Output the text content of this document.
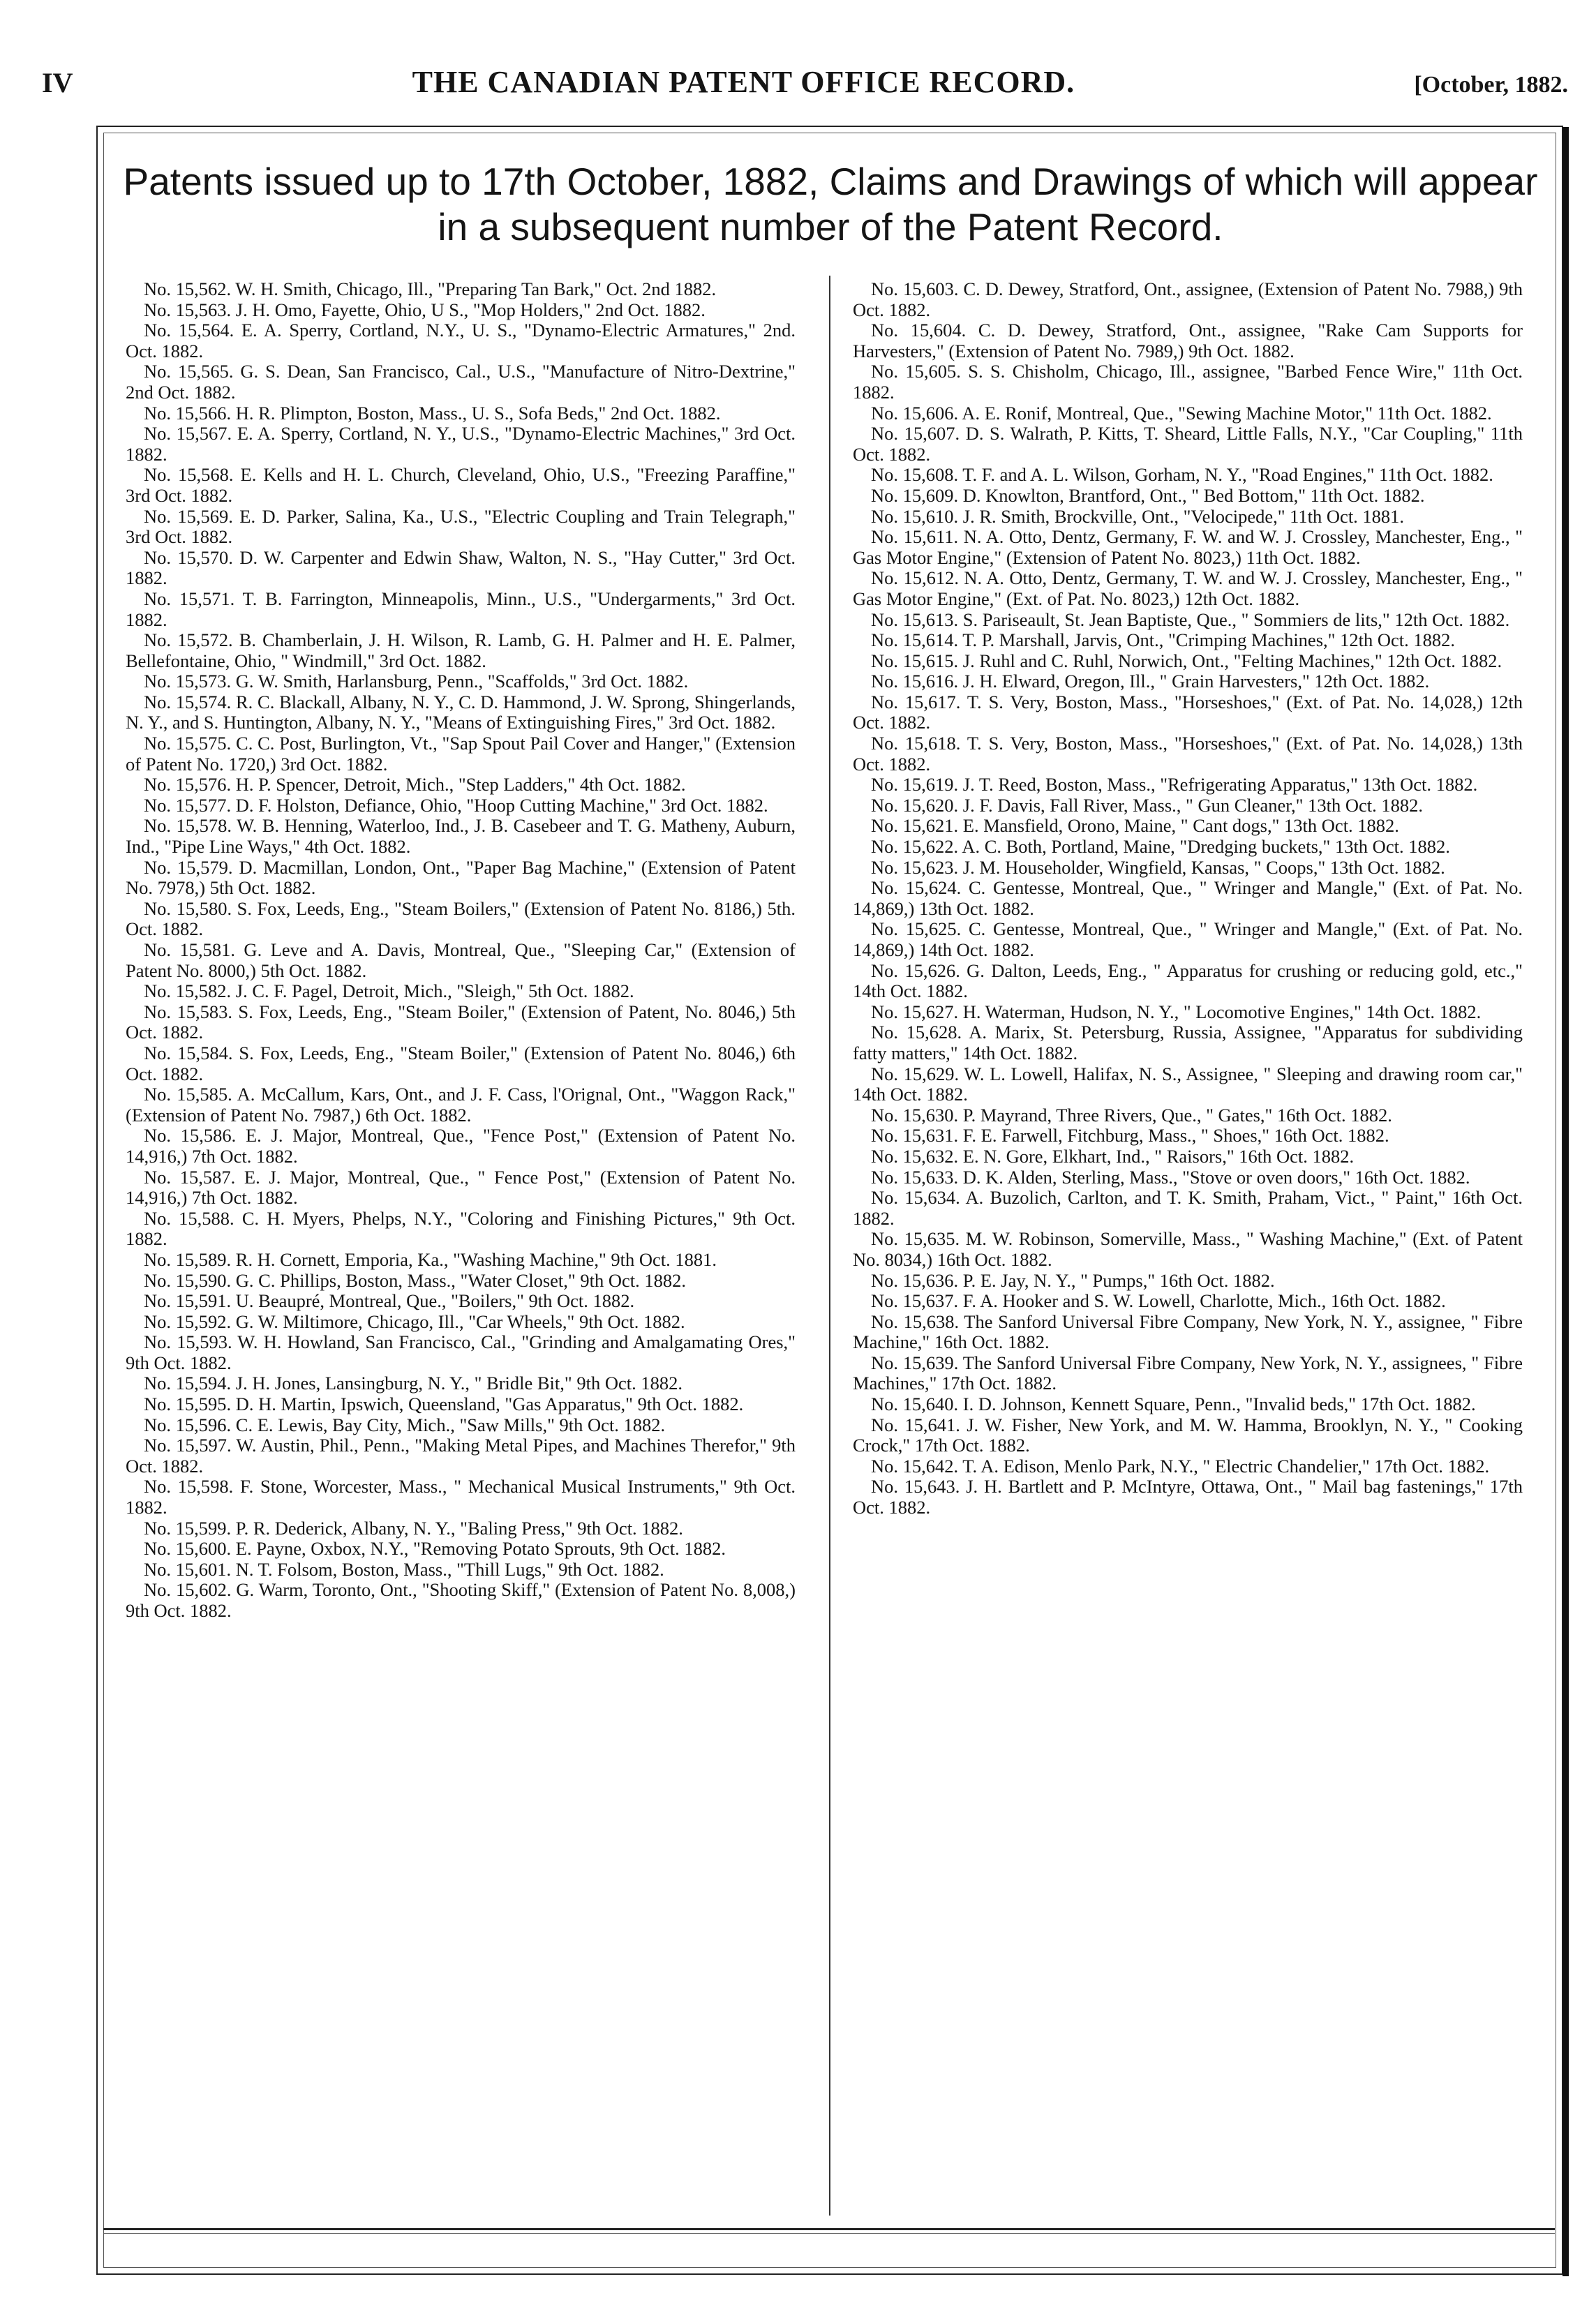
IV	THE CANADIAN PATENT OFFICE RECORD.	[October, 1882.
Patents issued up to 17th October, 1882, Claims and Drawings of which will appear in a subsequent number of the Patent Record.
No. 15,562. W. H. Smith, Chicago, Ill., "Preparing Tan Bark," Oct. 2nd 1882.
No. 15,563. J. H. Omo, Fayette, Ohio, U S., "Mop Holders," 2nd Oct. 1882.
No. 15,564. E. A. Sperry, Cortland, N.Y., U. S., "Dynamo-Electric Armatures," 2nd. Oct. 1882.
No. 15,565. G. S. Dean, San Francisco, Cal., U.S., "Manufacture of Nitro-Dextrine," 2nd Oct. 1882.
No. 15,566. H. R. Plimpton, Boston, Mass., U. S., Sofa Beds," 2nd Oct. 1882.
No. 15,567. E. A. Sperry, Cortland, N. Y., U.S., "Dynamo-Electric Machines," 3rd Oct. 1882.
No. 15,568. E. Kells and H. L. Church, Cleveland, Ohio, U.S., "Freezing Paraffine," 3rd Oct. 1882.
No. 15,569. E. D. Parker, Salina, Ka., U.S., "Electric Coupling and Train Telegraph," 3rd Oct. 1882.
No. 15,570. D. W. Carpenter and Edwin Shaw, Walton, N. S., "Hay Cutter," 3rd Oct. 1882.
No. 15,571. T. B. Farrington, Minneapolis, Minn., U.S., "Undergarments," 3rd Oct. 1882.
No. 15,572. B. Chamberlain, J. H. Wilson, R. Lamb, G. H. Palmer and H. E. Palmer, Bellefontaine, Ohio, " Windmill," 3rd Oct. 1882.
No. 15,573. G. W. Smith, Harlansburg, Penn., "Scaffolds," 3rd Oct. 1882.
No. 15,574. R. C. Blackall, Albany, N. Y., C. D. Hammond, J. W. Sprong, Shingerlands, N. Y., and S. Huntington, Albany, N. Y., "Means of Extinguishing Fires," 3rd Oct. 1882.
No. 15,575. C. C. Post, Burlington, Vt., "Sap Spout Pail Cover and Hanger," (Extension of Patent No. 1720,) 3rd Oct. 1882.
No. 15,576. H. P. Spencer, Detroit, Mich., "Step Ladders," 4th Oct. 1882.
No. 15,577. D. F. Holston, Defiance, Ohio, "Hoop Cutting Machine," 3rd Oct. 1882.
No. 15,578. W. B. Henning, Waterloo, Ind., J. B. Casebeer and T. G. Matheny, Auburn, Ind., "Pipe Line Ways," 4th Oct. 1882.
No. 15,579. D. Macmillan, London, Ont., "Paper Bag Machine," (Extension of Patent No. 7978,) 5th Oct. 1882.
No. 15,580. S. Fox, Leeds, Eng., "Steam Boilers," (Extension of Patent No. 8186,) 5th. Oct. 1882.
No. 15,581. G. Leve and A. Davis, Montreal, Que., "Sleeping Car," (Extension of Patent No. 8000,) 5th Oct. 1882.
No. 15,582. J. C. F. Pagel, Detroit, Mich., "Sleigh," 5th Oct. 1882.
No. 15,583. S. Fox, Leeds, Eng., "Steam Boiler," (Extension of Patent, No. 8046,) 5th Oct. 1882.
No. 15,584. S. Fox, Leeds, Eng., "Steam Boiler," (Extension of Patent No. 8046,) 6th Oct. 1882.
No. 15,585. A. McCallum, Kars, Ont., and J. F. Cass, l'Orignal, Ont., "Waggon Rack," (Extension of Patent No. 7987,) 6th Oct. 1882.
No. 15,586. E. J. Major, Montreal, Que., "Fence Post," (Extension of Patent No. 14,916,) 7th Oct. 1882.
No. 15,587. E. J. Major, Montreal, Que., " Fence Post," (Extension of Patent No. 14,916,) 7th Oct. 1882.
No. 15,588. C. H. Myers, Phelps, N.Y., "Coloring and Finishing Pictures," 9th Oct. 1882.
No. 15,589. R. H. Cornett, Emporia, Ka., "Washing Machine," 9th Oct. 1881.
No. 15,590. G. C. Phillips, Boston, Mass., "Water Closet," 9th Oct. 1882.
No. 15,591. U. Beaupré, Montreal, Que., "Boilers," 9th Oct. 1882.
No. 15,592. G. W. Miltimore, Chicago, Ill., "Car Wheels," 9th Oct. 1882.
No. 15,593. W. H. Howland, San Francisco, Cal., "Grinding and Amalgamating Ores," 9th Oct. 1882.
No. 15,594. J. H. Jones, Lansingburg, N. Y., " Bridle Bit," 9th Oct. 1882.
No. 15,595. D. H. Martin, Ipswich, Queensland, "Gas Apparatus," 9th Oct. 1882.
No. 15,596. C. E. Lewis, Bay City, Mich., "Saw Mills," 9th Oct. 1882.
No. 15,597. W. Austin, Phil., Penn., "Making Metal Pipes, and Machines Therefor," 9th Oct. 1882.
No. 15,598. F. Stone, Worcester, Mass., " Mechanical Musical Instruments," 9th Oct. 1882.
No. 15,599. P. R. Dederick, Albany, N. Y., "Baling Press," 9th Oct. 1882.
No. 15,600. E. Payne, Oxbox, N.Y., "Removing Potato Sprouts, 9th Oct. 1882.
No. 15,601. N. T. Folsom, Boston, Mass., "Thill Lugs," 9th Oct. 1882.
No. 15,602. G. Warm, Toronto, Ont., "Shooting Skiff," (Extension of Patent No. 8,008,) 9th Oct. 1882.
No. 15,603. C. D. Dewey, Stratford, Ont., assignee, (Extension of Patent No. 7988,) 9th Oct. 1882.
No. 15,604. C. D. Dewey, Stratford, Ont., assignee, "Rake Cam Supports for Harvesters," (Extension of Patent No. 7989,) 9th Oct. 1882.
No. 15,605. S. S. Chisholm, Chicago, Ill., assignee, "Barbed Fence Wire," 11th Oct. 1882.
No. 15,606. A. E. Ronif, Montreal, Que., "Sewing Machine Motor," 11th Oct. 1882.
No. 15,607. D. S. Walrath, P. Kitts, T. Sheard, Little Falls, N.Y., "Car Coupling," 11th Oct. 1882.
No. 15,608. T. F. and A. L. Wilson, Gorham, N. Y., "Road Engines," 11th Oct. 1882.
No. 15,609. D. Knowlton, Brantford, Ont., " Bed Bottom," 11th Oct. 1882.
No. 15,610. J. R. Smith, Brockville, Ont., "Velocipede," 11th Oct. 1881.
No. 15,611. N. A. Otto, Dentz, Germany, F. W. and W. J. Crossley, Manchester, Eng., " Gas Motor Engine," (Extension of Patent No. 8023,) 11th Oct. 1882.
No. 15,612. N. A. Otto, Dentz, Germany, T. W. and W. J. Crossley, Manchester, Eng., " Gas Motor Engine," (Ext. of Pat. No. 8023,) 12th Oct. 1882.
No. 15,613. S. Pariseault, St. Jean Baptiste, Que., " Sommiers de lits," 12th Oct. 1882.
No. 15,614. T. P. Marshall, Jarvis, Ont., "Crimping Machines," 12th Oct. 1882.
No. 15,615. J. Ruhl and C. Ruhl, Norwich, Ont., "Felting Machines," 12th Oct. 1882.
No. 15,616. J. H. Elward, Oregon, Ill., " Grain Harvesters," 12th Oct. 1882.
No. 15,617. T. S. Very, Boston, Mass., "Horseshoes," (Ext. of Pat. No. 14,028,) 12th Oct. 1882.
No. 15,618. T. S. Very, Boston, Mass., "Horseshoes," (Ext. of Pat. No. 14,028,) 13th Oct. 1882.
No. 15,619. J. T. Reed, Boston, Mass., "Refrigerating Apparatus," 13th Oct. 1882.
No. 15,620. J. F. Davis, Fall River, Mass., " Gun Cleaner," 13th Oct. 1882.
No. 15,621. E. Mansfield, Orono, Maine, " Cant dogs," 13th Oct. 1882.
No. 15,622. A. C. Both, Portland, Maine, "Dredging buckets," 13th Oct. 1882.
No. 15,623. J. M. Householder, Wingfield, Kansas, " Coops," 13th Oct. 1882.
No. 15,624. C. Gentesse, Montreal, Que., " Wringer and Mangle," (Ext. of Pat. No. 14,869,) 13th Oct. 1882.
No. 15,625. C. Gentesse, Montreal, Que., " Wringer and Mangle," (Ext. of Pat. No. 14,869,) 14th Oct. 1882.
No. 15,626. G. Dalton, Leeds, Eng., " Apparatus for crushing or reducing gold, etc.," 14th Oct. 1882.
No. 15,627. H. Waterman, Hudson, N. Y., " Locomotive Engines," 14th Oct. 1882.
No. 15,628. A. Marix, St. Petersburg, Russia, Assignee, "Apparatus for subdividing fatty matters," 14th Oct. 1882.
No. 15,629. W. L. Lowell, Halifax, N. S., Assignee, " Sleeping and drawing room car," 14th Oct. 1882.
No. 15,630. P. Mayrand, Three Rivers, Que., " Gates," 16th Oct. 1882.
No. 15,631. F. E. Farwell, Fitchburg, Mass., " Shoes," 16th Oct. 1882.
No. 15,632. E. N. Gore, Elkhart, Ind., " Raisors," 16th Oct. 1882.
No. 15,633. D. K. Alden, Sterling, Mass., "Stove or oven doors," 16th Oct. 1882.
No. 15,634. A. Buzolich, Carlton, and T. K. Smith, Praham, Vict., " Paint," 16th Oct. 1882.
No. 15,635. M. W. Robinson, Somerville, Mass., " Washing Machine," (Ext. of Patent No. 8034,) 16th Oct. 1882.
No. 15,636. P. E. Jay, N. Y., " Pumps," 16th Oct. 1882.
No. 15,637. F. A. Hooker and S. W. Lowell, Charlotte, Mich., 16th Oct. 1882.
No. 15,638. The Sanford Universal Fibre Company, New York, N. Y., assignee, " Fibre Machine," 16th Oct. 1882.
No. 15,639. The Sanford Universal Fibre Company, New York, N. Y., assignees, " Fibre Machines," 17th Oct. 1882.
No. 15,640. I. D. Johnson, Kennett Square, Penn., "Invalid beds," 17th Oct. 1882.
No. 15,641. J. W. Fisher, New York, and M. W. Hamma, Brooklyn, N. Y., " Cooking Crock," 17th Oct. 1882.
No. 15,642. T. A. Edison, Menlo Park, N.Y., " Electric Chandelier," 17th Oct. 1882.
No. 15,643. J. H. Bartlett and P. McIntyre, Ottawa, Ont., " Mail bag fastenings," 17th Oct. 1882.
